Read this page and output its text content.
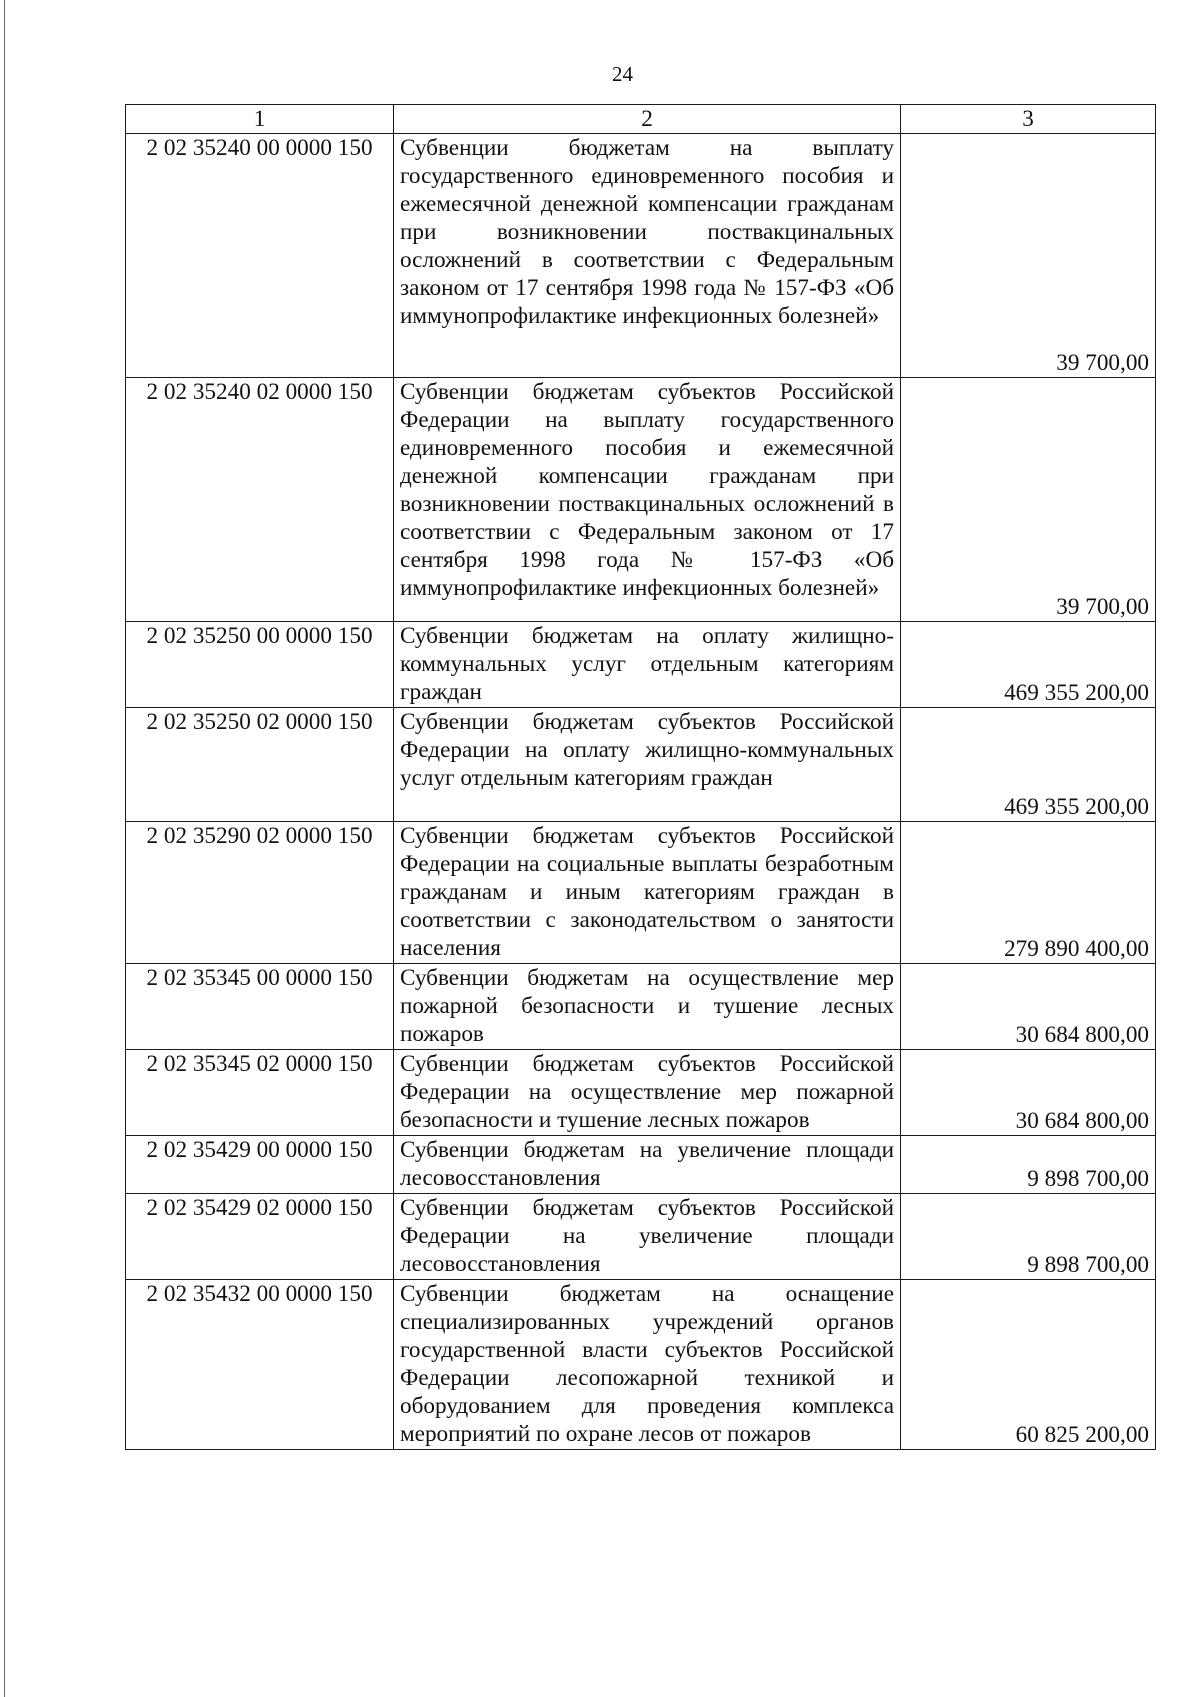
24
1	2	3
2 02 35240 00 0000 150	Субвенции бюджетам на выплату государственного единовременного пособия и ежемесячной денежной компенсации гражданам при возникновении поствакцинальных осложнений в соответствии с Федеральным законом от 17 сентября 1998 года № 157-ФЗ «Об иммунопрофилактике инфекционных болезней»	39 700,00
2 02 35240 02 0000 150	Субвенции бюджетам субъектов Российской Федерации на выплату государственного единовременного пособия и ежемесячной денежной компенсации гражданам при возникновении поствакцинальных осложнений в соответствии с Федеральным законом от 17 сентября 1998 года № 157-ФЗ «Об иммунопрофилактике инфекционных болезней»	39 700,00
2 02 35250 00 0000 150	Субвенции бюджетам на оплату жилищно-коммунальных услуг отдельным категориям граждан	469 355 200,00
2 02 35250 02 0000 150	Субвенции бюджетам субъектов Российской Федерации на оплату жилищно-коммунальных услуг отдельным категориям граждан	469 355 200,00
2 02 35290 02 0000 150	Субвенции бюджетам субъектов Российской Федерации на социальные выплаты безработным гражданам и иным категориям граждан в соответствии с законодательством о занятости населения	279 890 400,00
2 02 35345 00 0000 150	Субвенции бюджетам на осуществление мер пожарной безопасности и тушение лесных пожаров	30 684 800,00
2 02 35345 02 0000 150	Субвенции бюджетам субъектов Российской Федерации на осуществление мер пожарной безопасности и тушение лесных пожаров	30 684 800,00
2 02 35429 00 0000 150	Субвенции бюджетам на увеличение площади лесовосстановления	9 898 700,00
2 02 35429 02 0000 150	Субвенции бюджетам субъектов Российской Федерации на увеличение площади лесовосстановления	9 898 700,00
2 02 35432 00 0000 150	Субвенции бюджетам на оснащение специализированных учреждений органов государственной власти субъектов Российской Федерации лесопожарной техникой и оборудованием для проведения комплекса мероприятий по охране лесов от пожаров	60 825 200,00
